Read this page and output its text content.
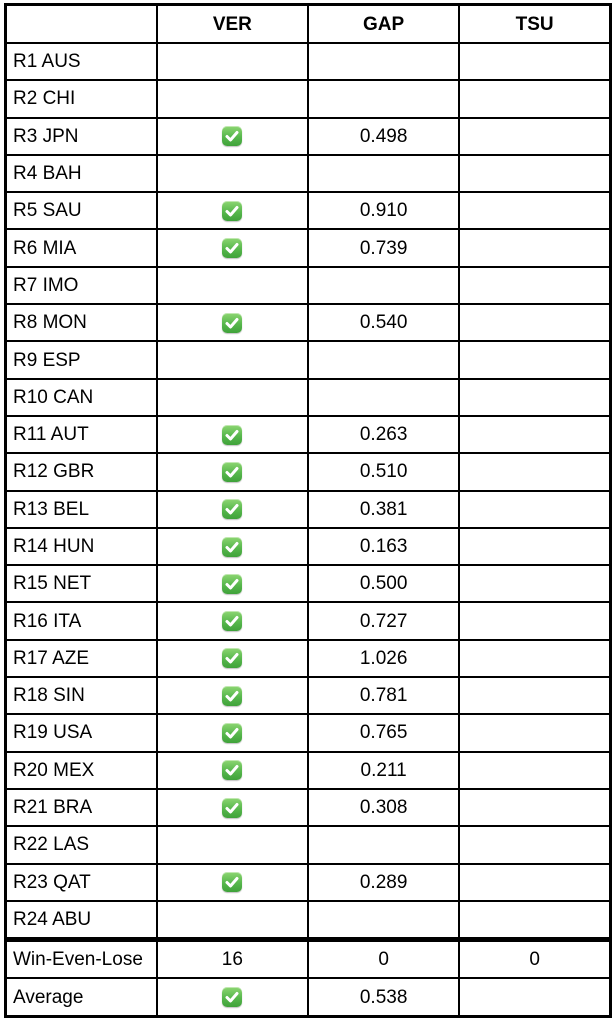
	VER	GAP	TSU
R1 AUS			
R2 CHI			
R3 JPN		0.498	
R4 BAH			
R5 SAU		0.910	
R6 MIA		0.739	
R7 IMO			
R8 MON		0.540	
R9 ESP			
R10 CAN			
R11 AUT		0.263	
R12 GBR		0.510	
R13 BEL		0.381	
R14 HUN		0.163	
R15 NET		0.500	
R16 ITA		0.727	
R17 AZE		1.026	
R18 SIN		0.781	
R19 USA		0.765	
R20 MEX		0.211	
R21 BRA		0.308	
R22 LAS			
R23 QAT		0.289	
R24 ABU			
Win-Even-Lose	16	0	0
Average		0.538	
